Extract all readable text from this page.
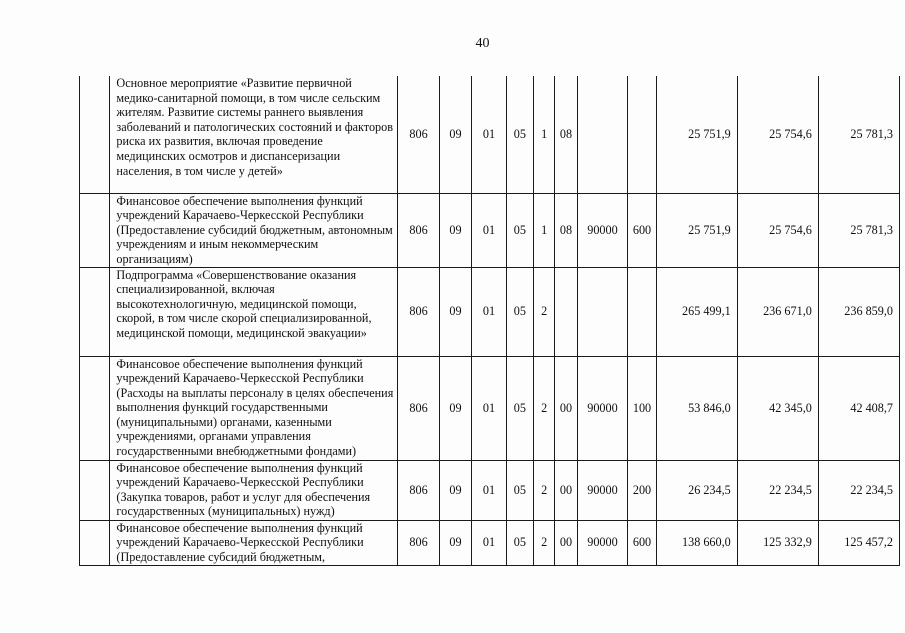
40
	Основное мероприятие «Развитие первичной медико-санитарной помощи, в том числе сельским жителям. Развитие системы раннего выявления заболеваний и патологических состояний и факторов риска их развития, включая проведение медицинских осмотров и диспансеризации населения, в том числе у детей»	806	09	01	05	1	08			25 751,9	25 754,6	25 781,3
	Финансовое обеспечение выполнения функций учреждений Карачаево-Черкесской Республики (Предоставление субсидий бюджетным, автономным учреждениям и иным некоммерческим организациям)	806	09	01	05	1	08	90000	600	25 751,9	25 754,6	25 781,3
	Подпрограмма «Совершенствование оказания специализированной, включая высокотехнологичную, медицинской помощи, скорой, в том числе скорой специализированной, медицинской помощи, медицинской эвакуации»	806	09	01	05	2				265 499,1	236 671,0	236 859,0
	Финансовое обеспечение выполнения функций учреждений Карачаево-Черкесской Республики (Расходы на выплаты персоналу в целях обеспечения выполнения функций государственными (муниципальными) органами, казенными учреждениями, органами управления государственными внебюджетными фондами)	806	09	01	05	2	00	90000	100	53 846,0	42 345,0	42 408,7
	Финансовое обеспечение выполнения функций учреждений Карачаево-Черкесской Республики (Закупка товаров, работ и услуг для обеспечения государственных (муниципальных) нужд)	806	09	01	05	2	00	90000	200	26 234,5	22 234,5	22 234,5
	Финансовое обеспечение выполнения функций учреждений Карачаево-Черкесской Республики (Предоставление субсидий бюджетным,	806	09	01	05	2	00	90000	600	138 660,0	125 332,9	125 457,2
